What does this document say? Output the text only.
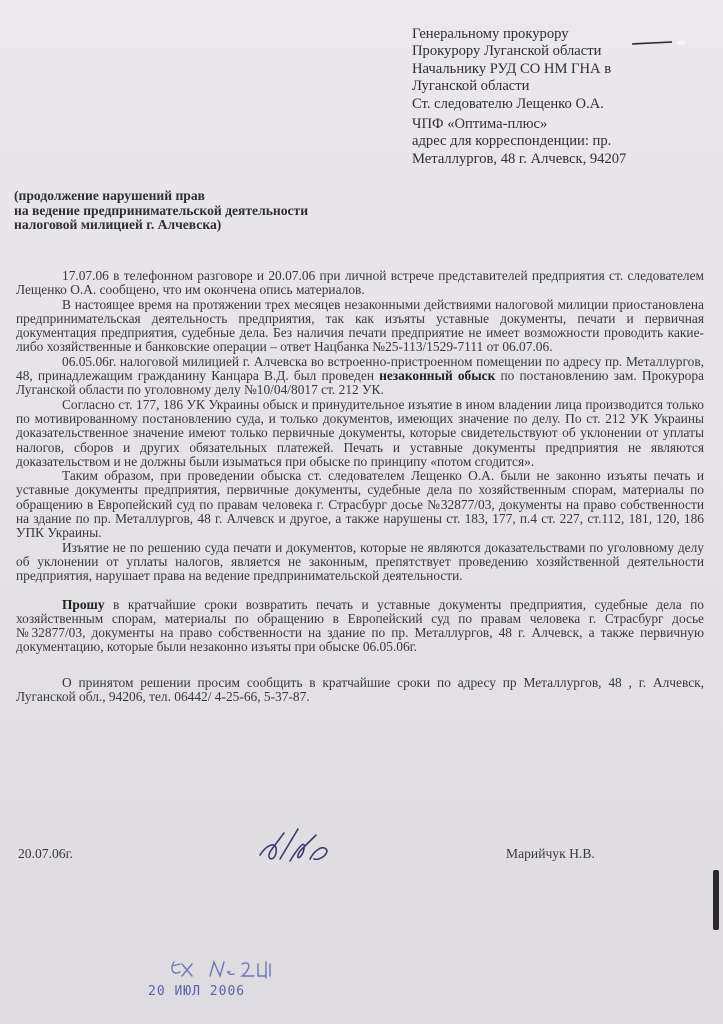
Генеральному прокурору
Прокурору Луганской области
Начальнику РУД СО НМ ГНА в
Луганской области
Ст. следователю Лещенко О.А.
ЧПФ «Оптима-плюс»
адрес для корреспонденции: пр.
Металлургов, 48 г. Алчевск, 94207
(продолжение нарушений прав
на ведение предпринимательской деятельности
налоговой милицией г. Алчевска)

17.07.06 в телефонном разговоре и 20.07.06 при личной встрече представителей предприятия ст. следователем Лещенко О.А. сообщено, что им окончена опись материалов.

В настоящее время на протяжении трех месяцев незаконными действиями налоговой милиции приостановлена предпринимательская деятельность предприятия, так как изъяты уставные документы, печати и первичная документация предприятия, судебные дела. Без наличия печати предприятие не имеет возможности проводить какие-либо хозяйственные и банковские операции – ответ Нацбанка №25-113/1529-7111 от 06.07.06.

06.05.06г. налоговой милицией г. Алчевска во встроенно-пристроенном помещении по адресу пр. Металлургов, 48, принадлежащим гражданину Канцара В.Д. был проведен незаконный обыск по постановлению зам. Прокурора Луганской области по уголовному делу №10/04/8017 ст. 212 УК.

Согласно ст. 177, 186 УК Украины обыск и принудительное изъятие в ином владении лица производится только по мотивированному постановлению суда, и только документов, имеющих значение по делу. По ст. 212 УК Украины доказательственное значение имеют только первичные документы, которые свидетельствуют об уклонении от уплаты налогов, сборов и других обязательных платежей. Печать и уставные документы предприятия не являются доказательством и не должны были изыматься при обыске по принципу «потом сгодится».

Таким образом, при проведении обыска ст. следователем Лещенко О.А. были не законно изъяты печать и уставные документы предприятия, первичные документы, судебные дела по хозяйственным спорам, материалы по обращению в Европейский суд по правам человека г. Страсбург досье №32877/03, документы на право собственности на здание по пр. Металлургов, 48 г. Алчевск и другое, а также нарушены ст. 183, 177, п.4 ст. 227, ст.112, 181, 120, 186 УПК Украины.

Изъятие не по решению суда печати и документов, которые не являются доказательствами по уголовному делу об уклонении от уплаты налогов, является не законным, препятствует проведению хозяйственной деятельности предприятия, нарушает права на ведение предпринимательской деятельности.

Прошу в кратчайшие сроки возвратить печать и уставные документы предприятия, судебные дела по хозяйственным спорам, материалы по обращению в Европейский суд по правам человека г. Страсбург досье №32877/03, документы на право собственности на здание по пр. Металлургов, 48 г. Алчевск, а также первичную документацию, которые были незаконно изъяты при обыске 06.05.06г.

О принятом решении просим сообщить в кратчайшие сроки по адресу пр Металлургов, 48 , г. Алчевск, Луганской обл., 94206, тел. 06442/ 4-25-66, 5-37-87.

20.07.06г.	Марийчук Н.В.
20 ИЮЛ 2006
